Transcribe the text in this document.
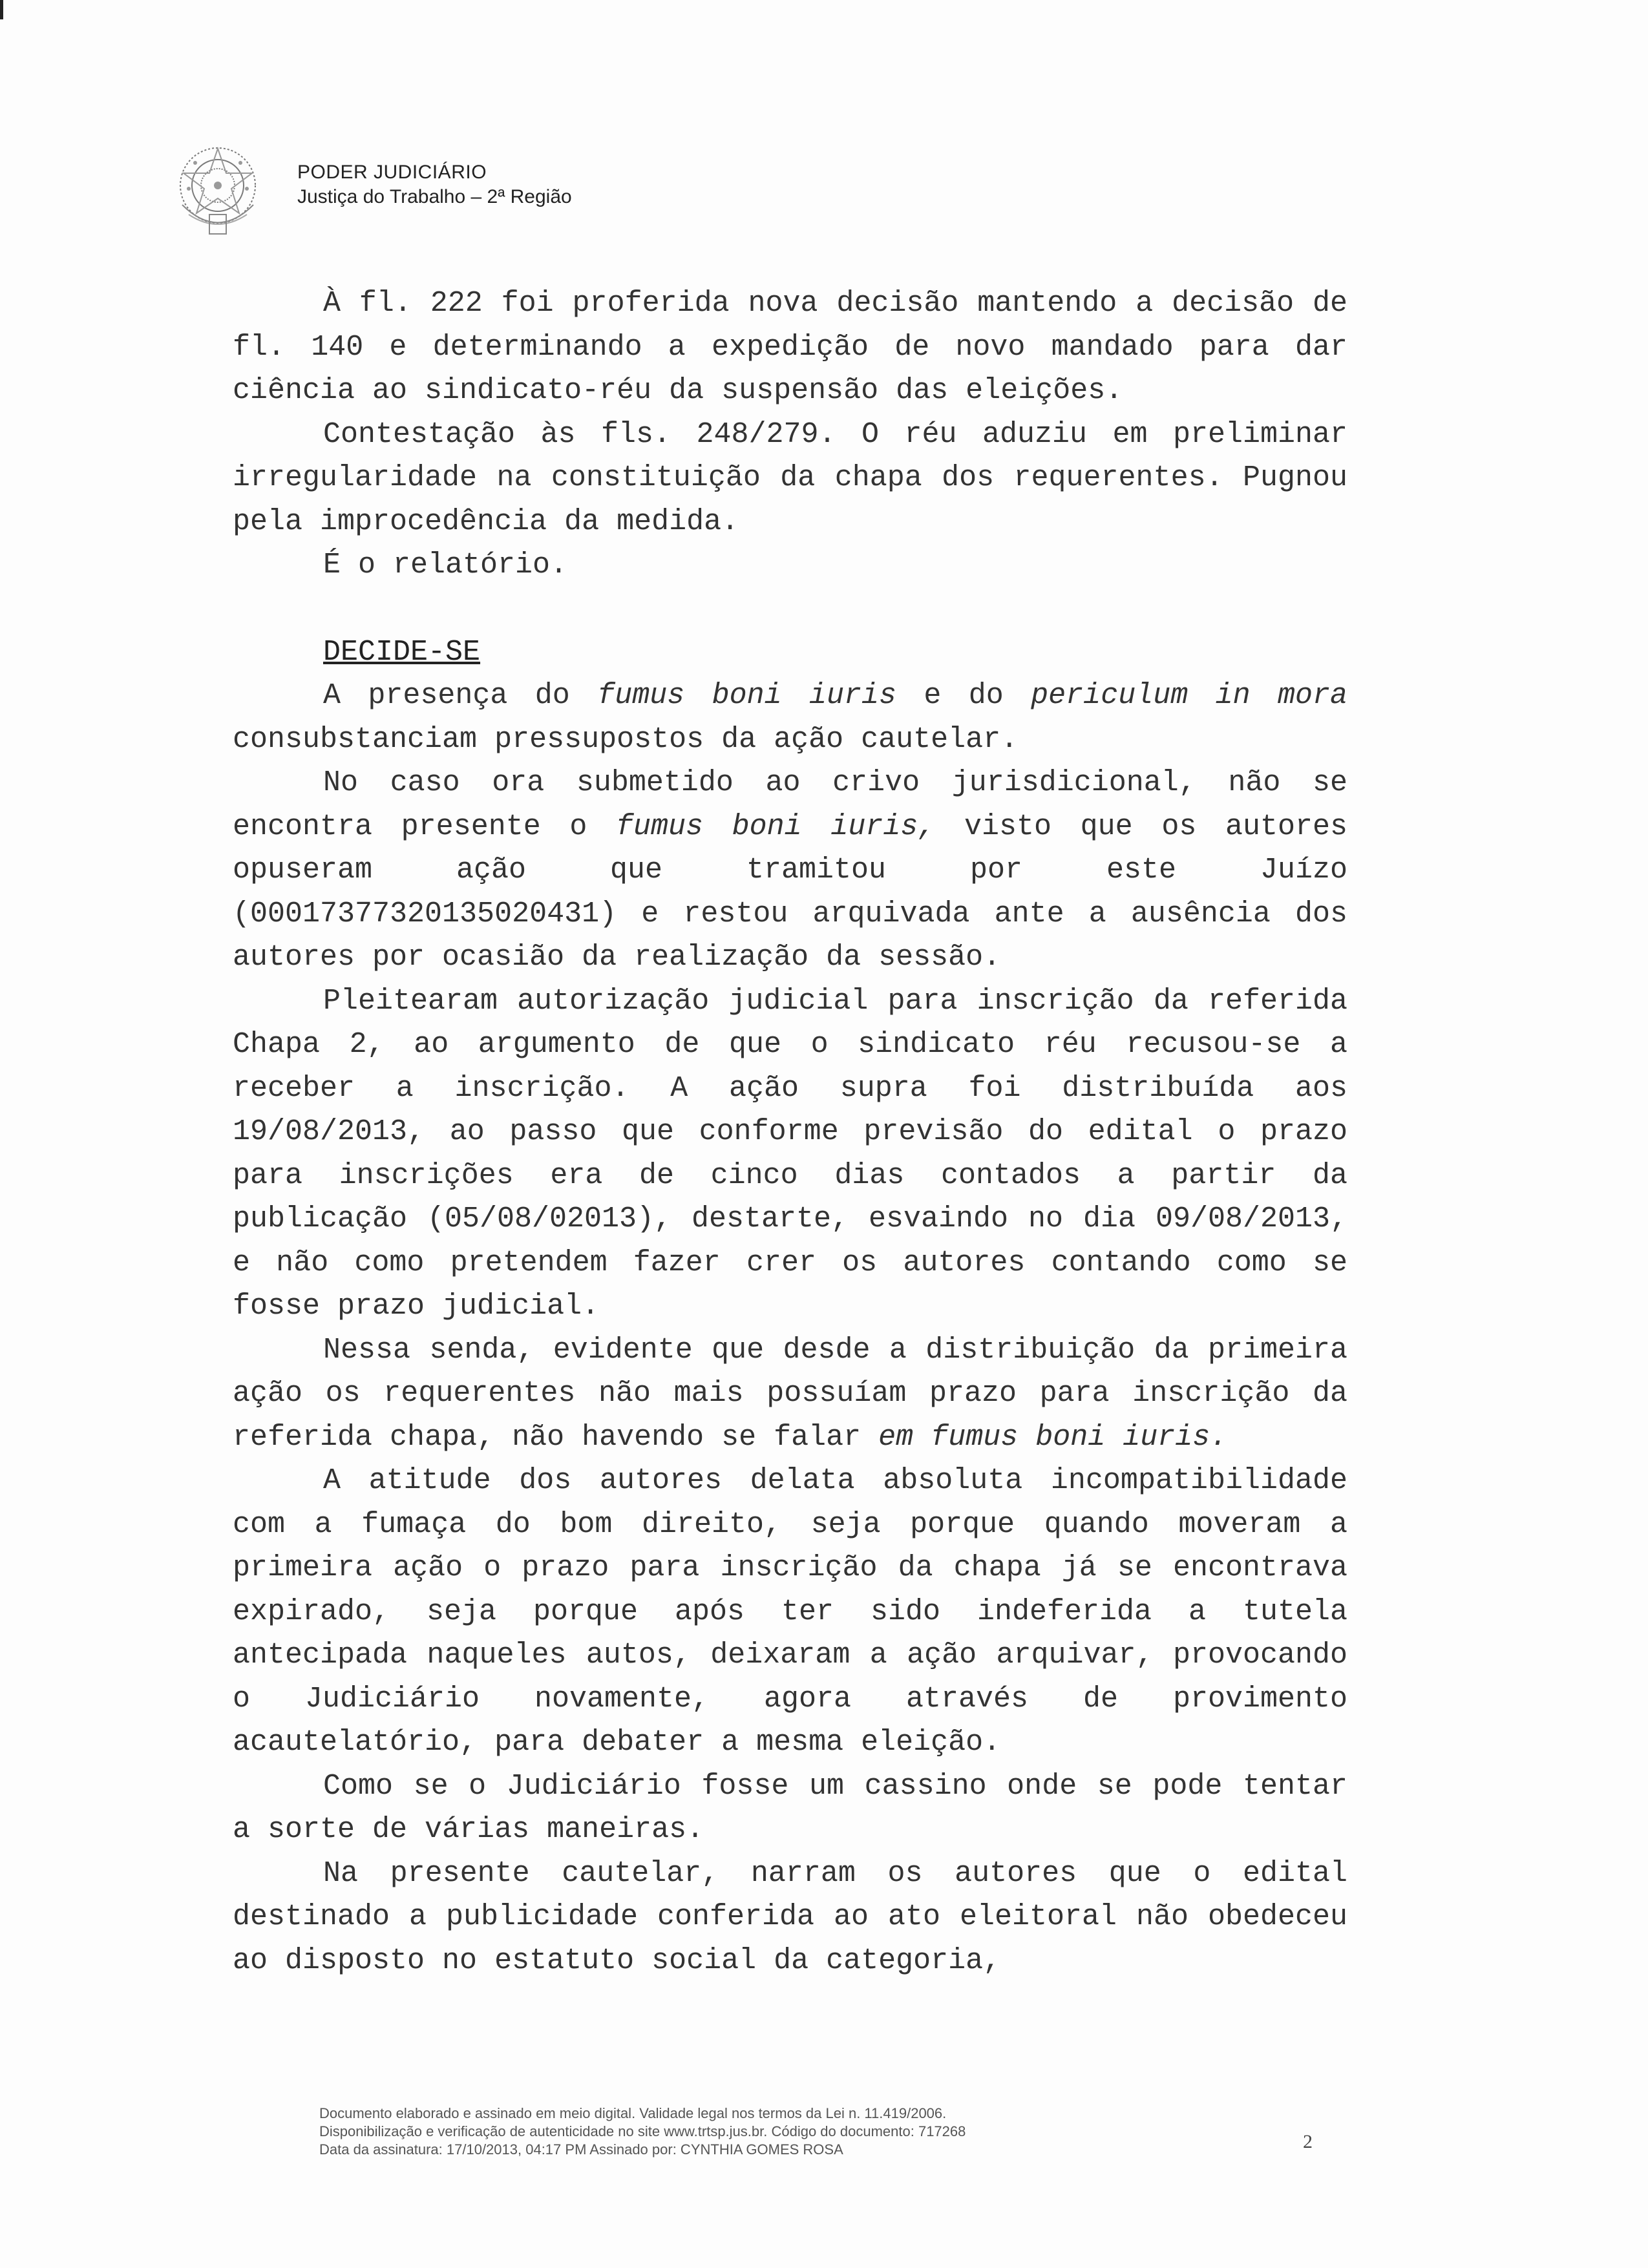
PODER JUDICIÁRIO
Justiça do Trabalho – 2ª Região

À fl. 222 foi proferida nova decisão mantendo a decisão de fl. 140 e determinando a expedição de novo mandado para dar ciência ao sindicato-réu da suspensão das eleições.

Contestação às fls. 248/279. O réu aduziu em preliminar irregularidade na constituição da chapa dos requerentes. Pugnou pela improcedência da medida.

É o relatório.

DECIDE-SE

A presença do fumus boni iuris e do periculum in mora consubstanciam pressupostos da ação cautelar.

No caso ora submetido ao crivo jurisdicional, não se encontra presente o fumus boni iuris, visto que os autores opuseram ação que tramitou por este Juízo (00017377320135020431) e restou arquivada ante a ausência dos autores por ocasião da realização da sessão.

Pleitearam autorização judicial para inscrição da referida Chapa 2, ao argumento de que o sindicato réu recusou-se a receber a inscrição. A ação supra foi distribuída aos 19/08/2013, ao passo que conforme previsão do edital o prazo para inscrições era de cinco dias contados a partir da publicação (05/08/02013), destarte, esvaindo no dia 09/08/2013, e não como pretendem fazer crer os autores contando como se fosse prazo judicial.

Nessa senda, evidente que desde a distribuição da primeira ação os requerentes não mais possuíam prazo para inscrição da referida chapa, não havendo se falar em fumus boni iuris.

A atitude dos autores delata absoluta incompatibilidade com a fumaça do bom direito, seja porque quando moveram a primeira ação o prazo para inscrição da chapa já se encontrava expirado, seja porque após ter sido indeferida a tutela antecipada naqueles autos, deixaram a ação arquivar, provocando o Judiciário novamente, agora através de provimento acautelatório, para debater a mesma eleição.

Como se o Judiciário fosse um cassino onde se pode tentar a sorte de várias maneiras.

Na presente cautelar, narram os autores que o edital destinado a publicidade conferida ao ato eleitoral não obedeceu ao disposto no estatuto social da categoria,

Documento elaborado e assinado em meio digital. Validade legal nos termos da Lei n. 11.419/2006.
Disponibilização e verificação de autenticidade no site www.trtsp.jus.br. Código do documento: 717268
Data da assinatura: 17/10/2013, 04:17 PM Assinado por: CYNTHIA GOMES ROSA	2
